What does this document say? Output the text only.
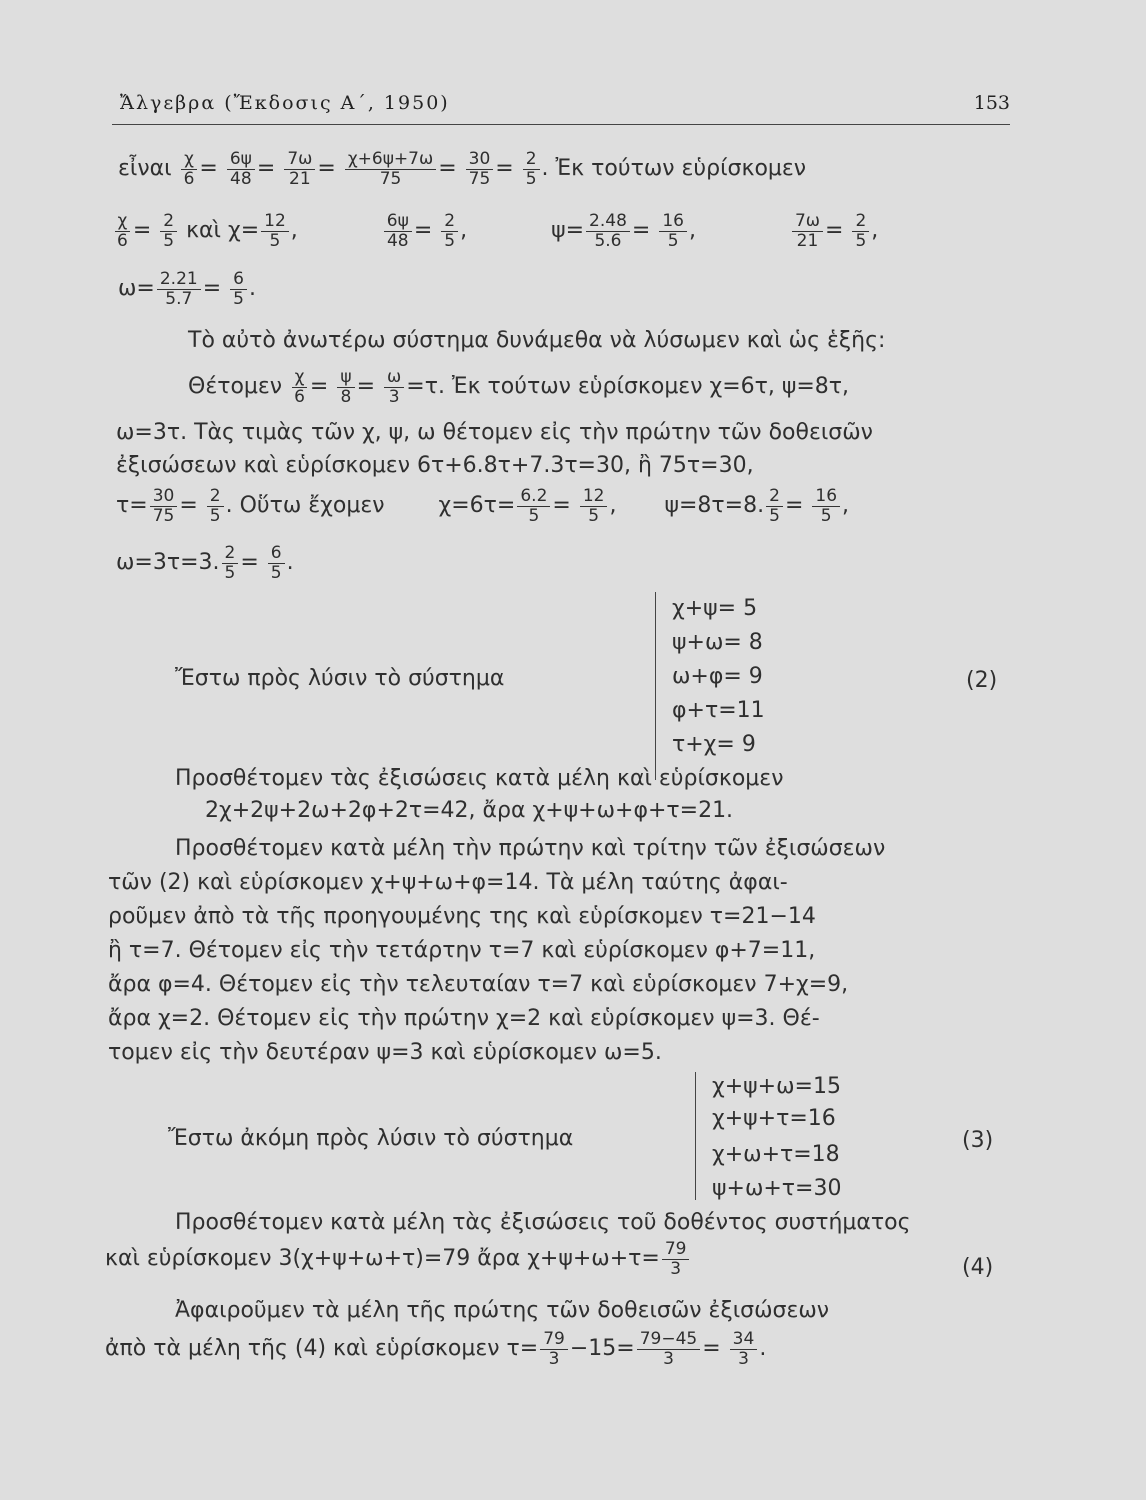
Ἄλγεβρα (Ἔκδοσις Α΄, 1950)	153
εἶναι $\frac{\chi}{6} = \frac{6\psi}{48} = \frac{7\omega}{21} = \frac{\chi+6\psi+7\omega}{75} = \frac{30}{75} = \frac{2}{5}$ . Ἐκ τούτων εὑρίσκομεν
$\frac{\chi}{6} = \frac{2}{5}$ καὶ $\chi= \frac{12}{5}$ ,	$\frac{6\psi}{48} = \frac{2}{5}$ ,	$\psi= \frac{2.48}{5.6} = \frac{16}{5}$ ,	$\frac{7\omega}{21} = \frac{2}{5}$ ,
$\omega= \frac{2.21}{5.7} = \frac{6}{5}$ .
Τὸ αὐτὸ ἀνωτέρω σύστημα δυνάμεθα νὰ λύσωμεν καὶ ὡς ἑξῆς:
Θέτομεν $\frac{\chi}{6} = \frac{\psi}{8} = \frac{\omega}{3} =\tau$. Ἐκ τούτων εὑρίσκομεν χ=6τ, ψ=8τ,
ω=3τ. Τὰς τιμὰς τῶν χ, ψ, ω θέτομεν εἰς τὴν πρώτην τῶν δοθεισῶν
ἐξισώσεων καὶ εὑρίσκομεν 6τ+6.8τ+7.3τ=30, ἢ 75τ=30,
$\tau= \frac{30}{75} = \frac{2}{5}$ . Οὕτω ἔχομεν $\chi=6\tau= \frac{6.2}{5} = \frac{12}{5}$ ,  ψ=8τ=8. $\frac{2}{5} = \frac{16}{5}$ ,
ω=3τ=3. $\frac{2}{5} = \frac{6}{5}$ .
Ἔστω πρὸς λύσιν τὸ σύστημα
χ+ψ= 5
ψ+ω= 8
ω+φ= 9
φ+τ=11
τ+χ= 9
(2)
Προσθέτομεν τὰς ἐξισώσεις κατὰ μέλη καὶ εὑρίσκομεν
2χ+2ψ+2ω+2φ+2τ=42, ἄρα χ+ψ+ω+φ+τ=21.
Προσθέτομεν κατὰ μέλη τὴν πρώτην καὶ τρίτην τῶν ἐξισώσεων
τῶν (2) καὶ εὑρίσκομεν χ+ψ+ω+φ=14. Τὰ μέλη ταύτης ἀφαι-
ροῦμεν ἀπὸ τὰ τῆς προηγουμένης της καὶ εὑρίσκομεν τ=21−14
ἢ τ=7. Θέτομεν εἰς τὴν τετάρτην τ=7 καὶ εὑρίσκομεν φ+7=11,
ἄρα φ=4. Θέτομεν εἰς τὴν τελευταίαν τ=7 καὶ εὑρίσκομεν 7+χ=9,
ἄρα χ=2. Θέτομεν εἰς τὴν πρώτην χ=2 καὶ εὑρίσκομεν ψ=3. Θέ-
τομεν εἰς τὴν δευτέραν ψ=3 καὶ εὑρίσκομεν ω=5.
Ἔστω ἀκόμη πρὸς λύσιν τὸ σύστημα
χ+ψ+ω=15
χ+ψ+τ=16
χ+ω+τ=18
ψ+ω+τ=30
(3)
Προσθέτομεν κατὰ μέλη τὰς ἐξισώσεις τοῦ δοθέντος συστήματος
καὶ εὑρίσκομεν 3(χ+ψ+ω+τ)=79 ἄρα $\chi+\psi+\omega+\tau= \frac{79}{3}$	(4)
Ἀφαιροῦμεν τὰ μέλη τῆς πρώτης τῶν δοθεισῶν ἐξισώσεων
ἀπὸ τὰ μέλη τῆς (4) καὶ εὑρίσκομεν $\tau= \frac{79}{3} -15= \frac{79-45}{3} = \frac{34}{3}$ .
